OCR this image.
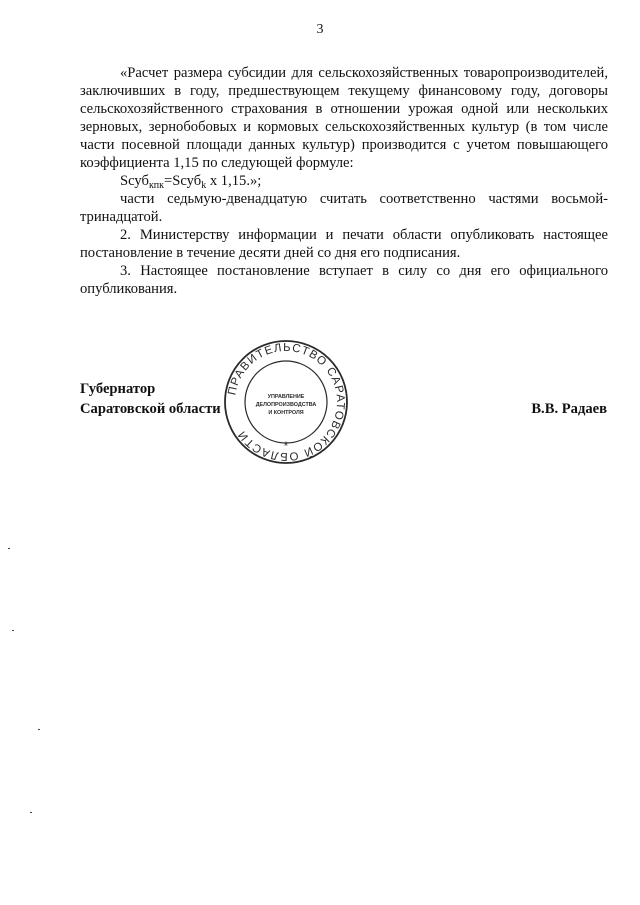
3

«Расчет размера субсидии для сельскохозяйственных товаропроизводителей, заключивших в году, предшествующем текущему финансовому году, договоры сельскохозяйственного страхования в отношении урожая одной или нескольких зерновых, зернобобовых и кормовых сельскохозяйственных культур (в том числе части посевной площади данных культур) производится с учетом повышающего коэффициента 1,15 по следующей формуле:

Sсуб$_{кпк}$=Sсуб$_k$ x 1,15.»;

части седьмую-двенадцатую считать соответственно частями восьмой-тринадцатой.

2. Министерству информации и печати области опубликовать настоящее постановление в течение десяти дней со дня его подписания.

3. Настоящее постановление вступает в силу со дня его официального опубликования.

Губернатор
Саратовской области	В.В. Радаев
ПРАВИТЕЛЬСТВО САРАТОВСКОЙ ОБЛАСТИ
УПРАВЛЕНИЕ
ДЕЛОПРОИЗВОДСТВА
И КОНТРОЛЯ
*
